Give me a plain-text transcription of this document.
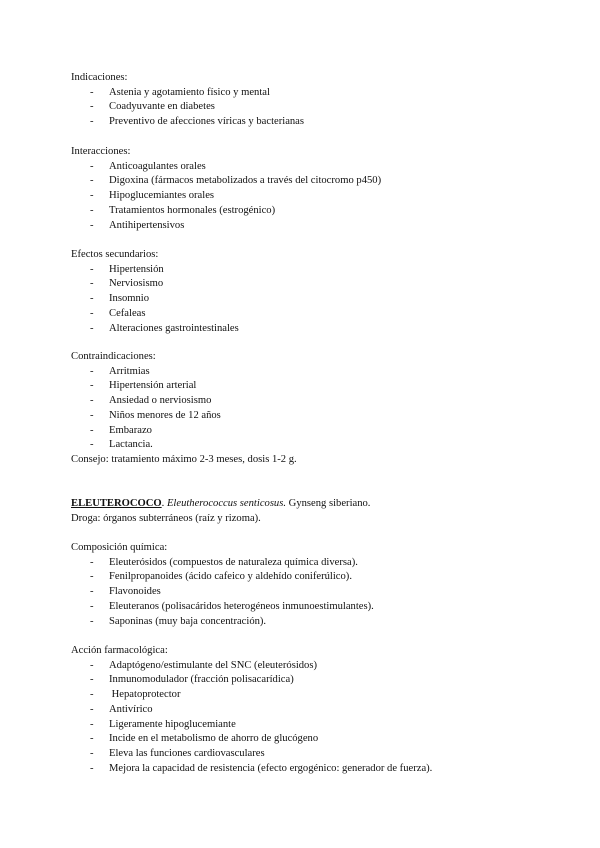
Indicaciones:
- Astenia y agotamiento físico y mental
- Coadyuvante en diabetes
- Preventivo de afecciones víricas y bacterianas
Interacciones:
- Anticoagulantes orales
- Digoxina (fármacos metabolizados a través del citocromo p450)
- Hipoglucemiantes orales
- Tratamientos hormonales (estrogénico)
- Antihipertensivos
Efectos secundarios:
- Hipertensión
- Nerviosismo
- Insomnio
- Cefaleas
- Alteraciones gastrointestinales
Contraindicaciones:
- Arritmias
- Hipertensión arterial
- Ansiedad o nerviosismo
- Niños menores de 12 años
- Embarazo
- Lactancia.
Consejo: tratamiento máximo 2-3 meses, dosis 1-2 g.
ELEUTEROCOCO. Eleutherococcus senticosus. Gynseng siberiano.
Droga: órganos subterráneos (raíz y rizoma).
Composición química:
- Eleuterósidos (compuestos de naturaleza química diversa).
- Fenilpropanoides (ácido cafeico y aldehído coniferúlico).
- Flavonoides
- Eleuteranos (polisacáridos heterogéneos inmunoestimulantes).
- Saponinas (muy baja concentración).
Acción farmacológica:
- Adaptógeno/estimulante del SNC (eleuterósidos)
- Inmunomodulador (fracción polisacarídica)
- Hepatoprotector
- Antivírico
- Ligeramente hipoglucemiante
- Incide en el metabolismo de ahorro de glucógeno
- Eleva las funciones cardiovasculares
- Mejora la capacidad de resistencia (efecto ergogénico: generador de fuerza).
